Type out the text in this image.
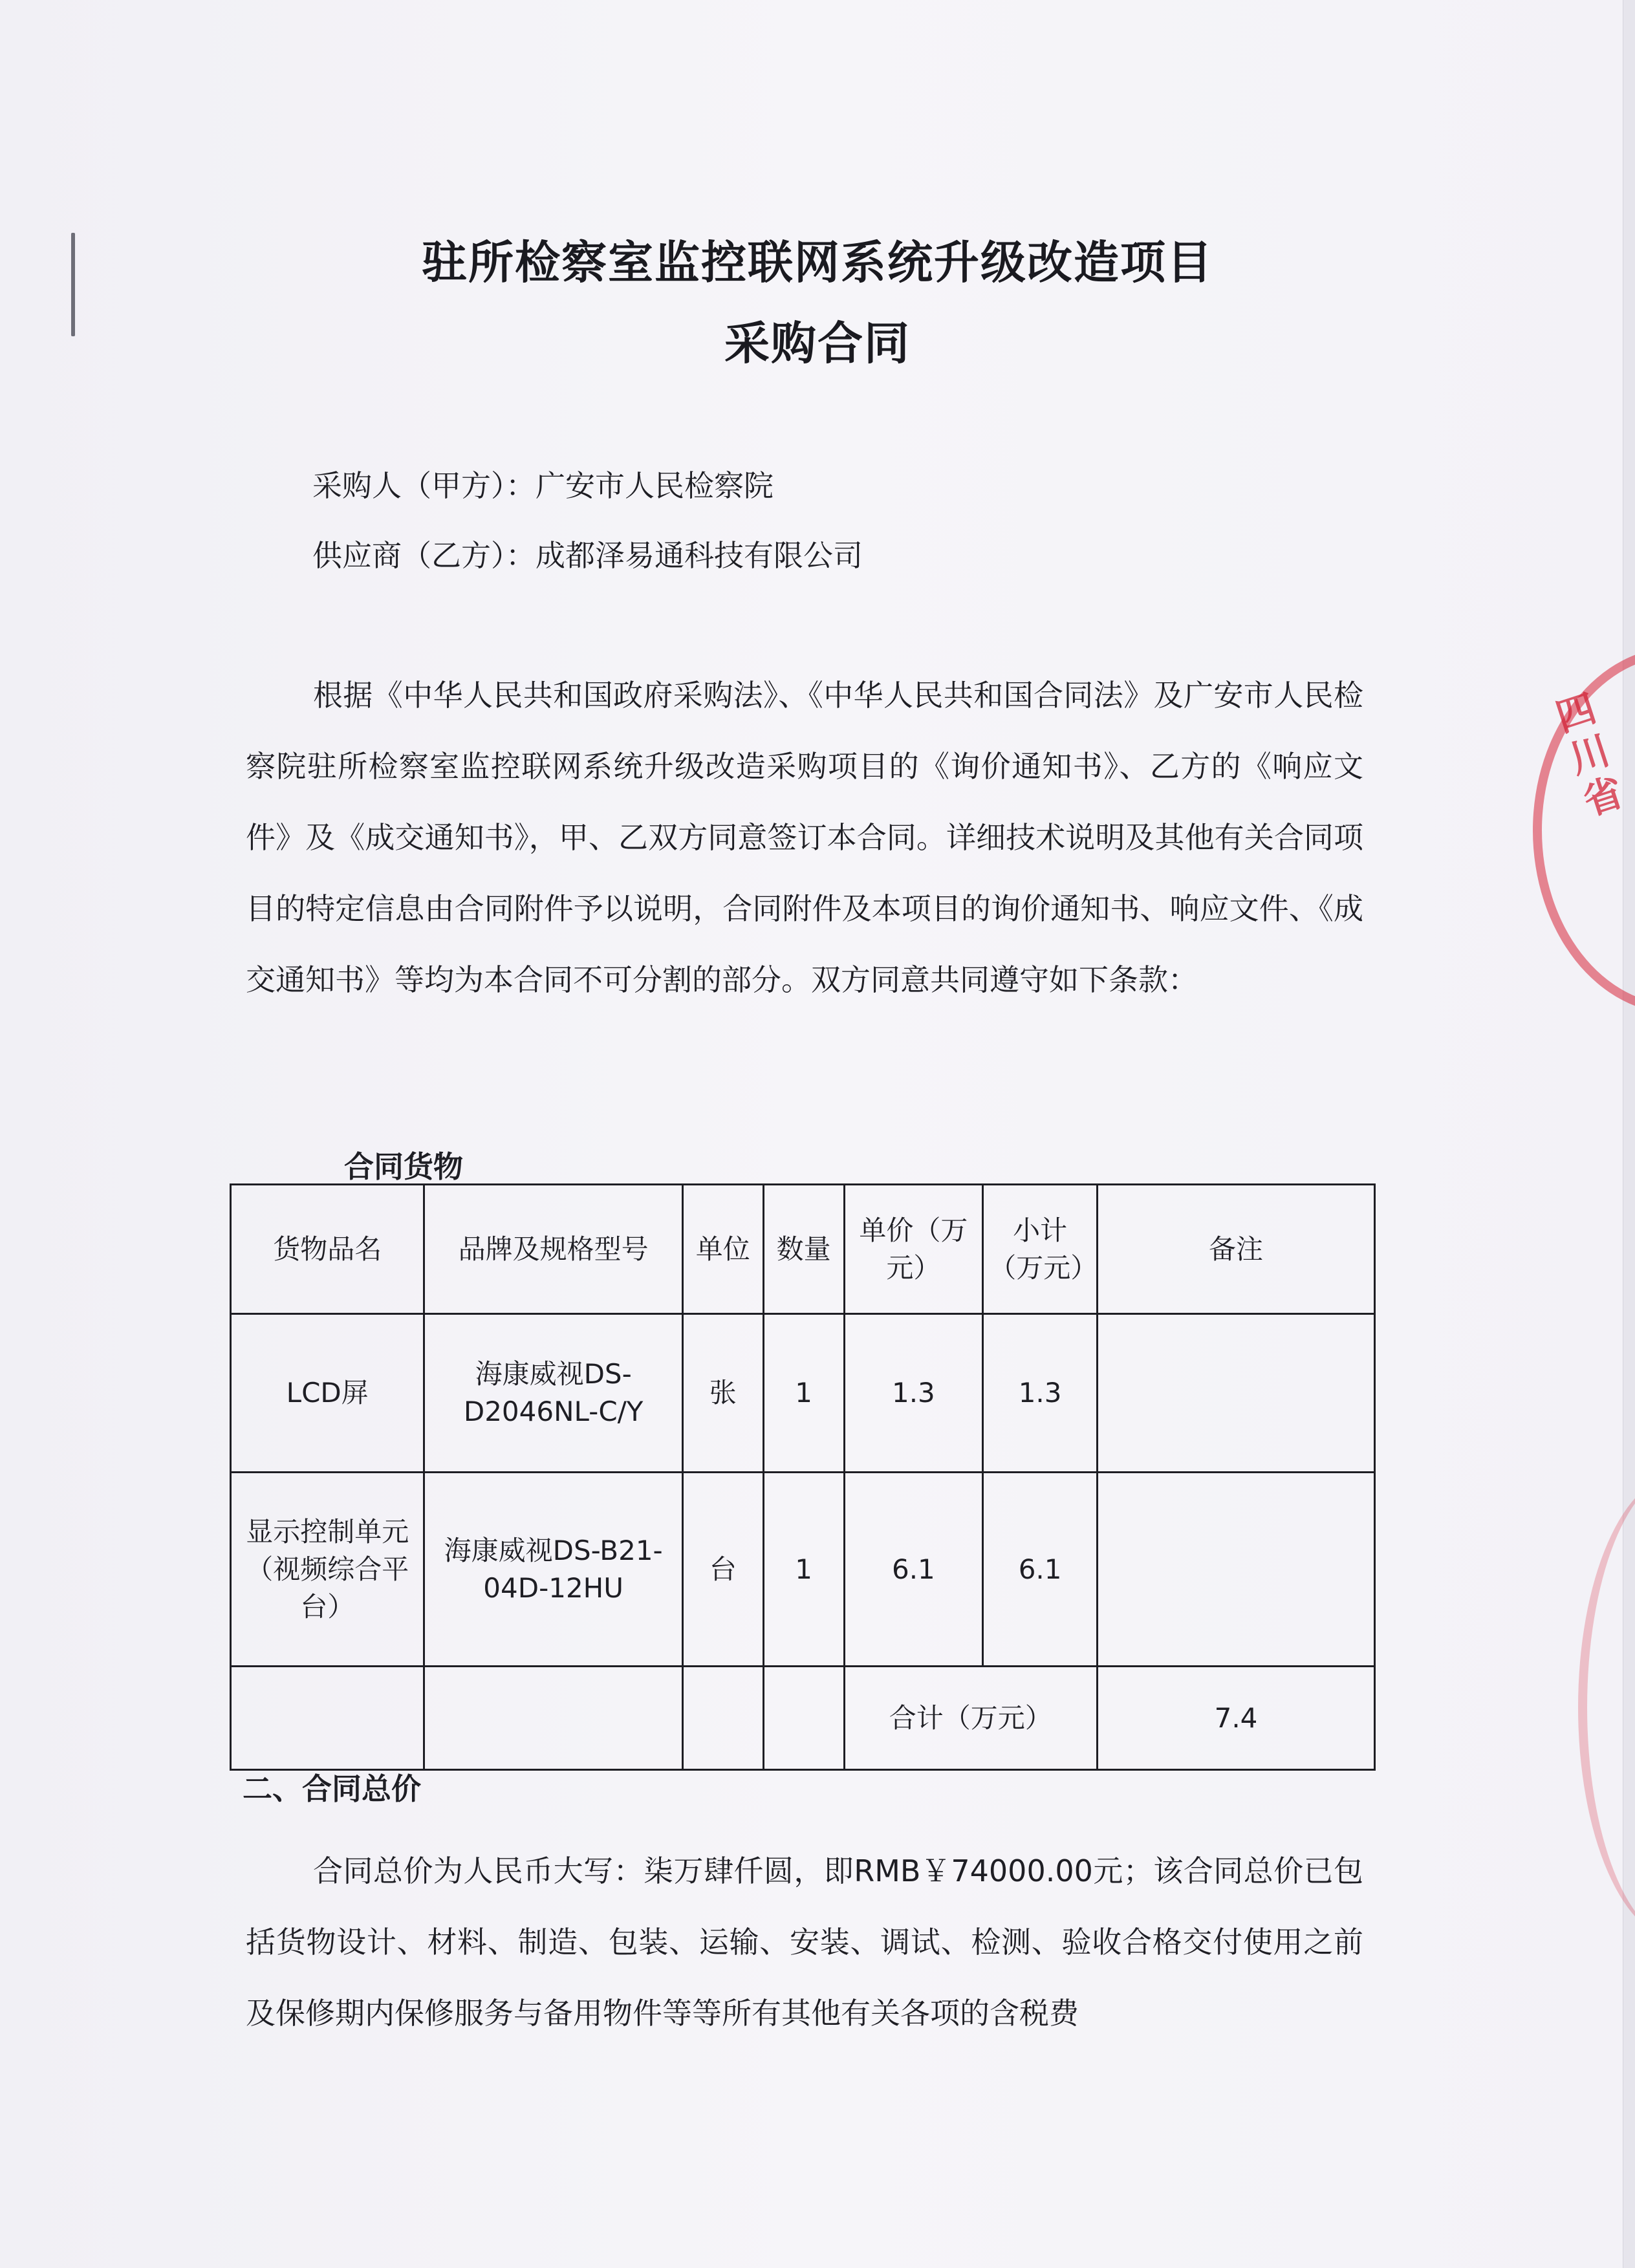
驻所检察室监控联网系统升级改造项目
采购合同
采购人（甲方）：广安市人民检察院
供应商（乙方）：成都泽易通科技有限公司
根据《中华人民共和国政府采购法》、《中华人民共和国合同法》及广安市人民检察院驻所检察室监控联网系统升级改造采购项目的《询价通知书》、乙方的《响应文件》及《成交通知书》，甲、乙双方同意签订本合同。详细技术说明及其他有关合同项目的特定信息由合同附件予以说明，合同附件及本项目的询价通知书、响应文件、《成交通知书》等均为本合同不可分割的部分。双方同意共同遵守如下条款：
合同货物
货物品名	品牌及规格型号	单位	数量	单价（万元）	小计（万元）	备注
LCD屏	海康威视DS-D2046NL-C/Y	张	1	1.3	1.3	
显示控制单元（视频综合平台）	海康威视DS-B21-04D-12HU	台	1	6.1	6.1	
				合计（万元）		7.4
二、合同总价
合同总价为人民币大写：柒万肆仟圆，即RMB￥74000.00元；该合同总价已包括货物设计、材料、制造、包装、运输、安装、调试、检测、验收合格交付使用之前及保修期内保修服务与备用物件等等所有其他有关各项的含税费
四川省
